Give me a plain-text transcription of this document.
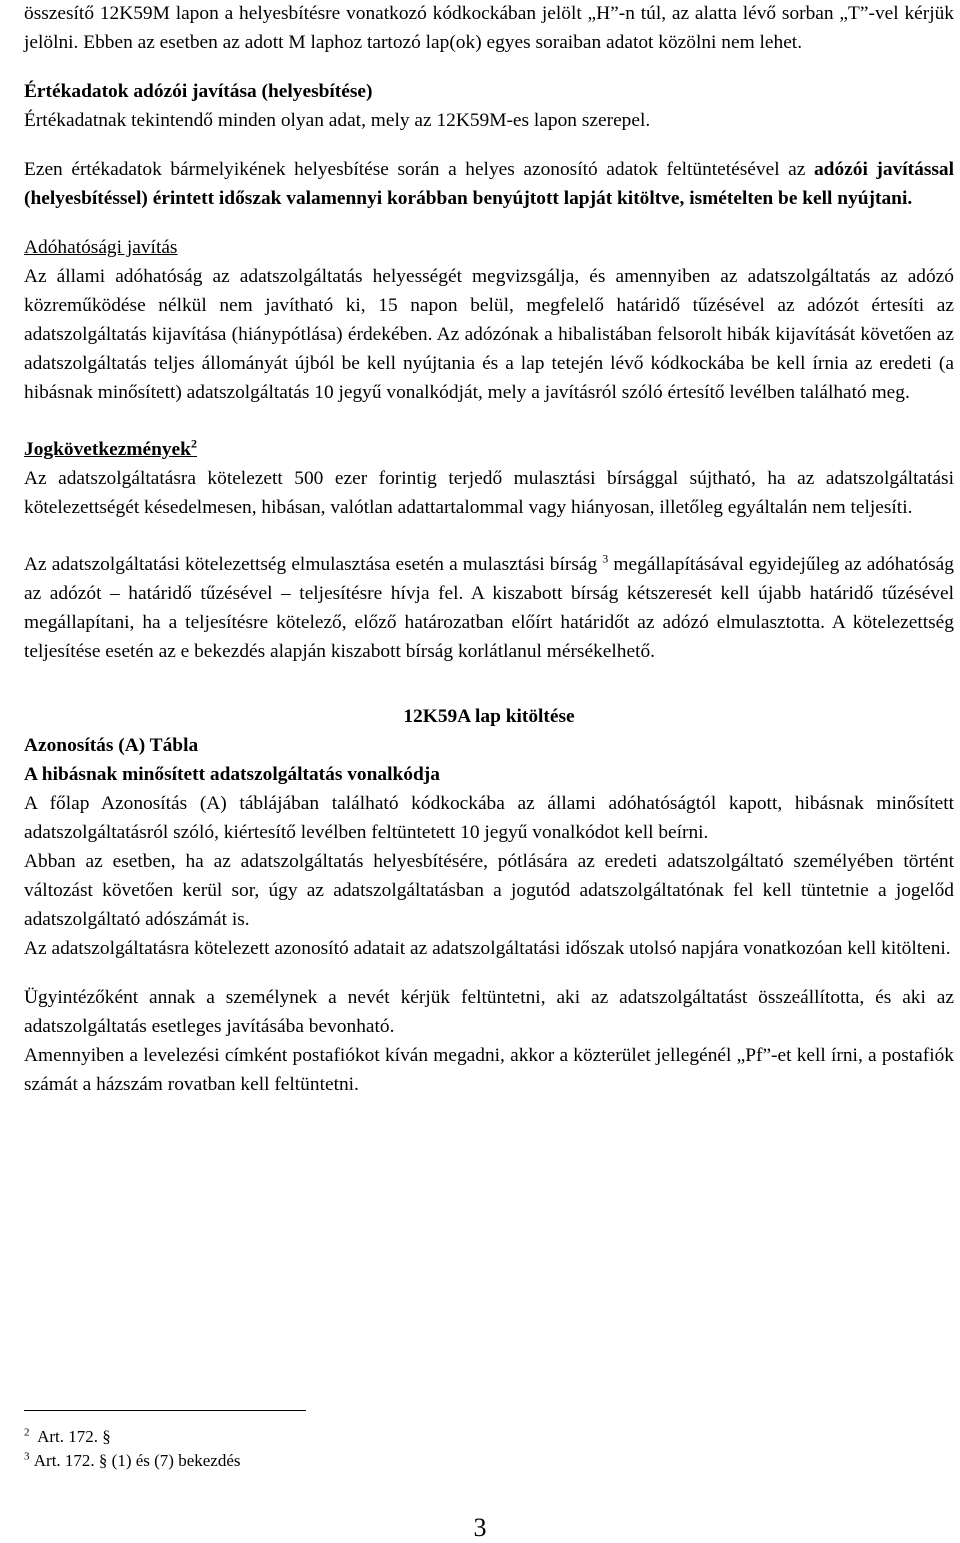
összesítő 12K59M lapon a helyesbítésre vonatkozó kódkockában jelölt „H”-n túl, az alatta lévő sorban „T”-vel kérjük jelölni. Ebben az esetben az adott M laphoz tartozó lap(ok) egyes soraiban adatot közölni nem lehet.

Értékadatok adózói javítása (helyesbítése)

Értékadatnak tekintendő minden olyan adat, mely az 12K59M-es lapon szerepel.

Ezen értékadatok bármelyikének helyesbítése során a helyes azonosító adatok feltüntetésével az adózói javítással (helyesbítéssel) érintett időszak valamennyi korábban benyújtott lapját kitöltve, ismételten be kell nyújtani.

Adóhatósági javítás

Az állami adóhatóság az adatszolgáltatás helyességét megvizsgálja, és amennyiben az adatszolgáltatás az adózó közreműködése nélkül nem javítható ki, 15 napon belül, megfelelő határidő tűzésével az adózót értesíti az adatszolgáltatás kijavítása (hiánypótlása) érdekében. Az adózónak a hibalistában felsorolt hibák kijavítását követően az adatszolgáltatás teljes állományát újból be kell nyújtania és a lap tetején lévő kódkockába be kell írnia az eredeti (a hibásnak minősített) adatszolgáltatás 10 jegyű vonalkódját, mely a javításról szóló értesítő levélben található meg.

Jogkövetkezmények$^2$

Az adatszolgáltatásra kötelezett 500 ezer forintig terjedő mulasztási bírsággal sújtható, ha az adatszolgáltatási kötelezettségét késedelmesen, hibásan, valótlan adattartalommal vagy hiányosan, illetőleg egyáltalán nem teljesíti.

Az adatszolgáltatási kötelezettség elmulasztása esetén a mulasztási bírság $^3$ megállapításával egyidejűleg az adóhatóság az adózót – határidő tűzésével – teljesítésre hívja fel. A kiszabott bírság kétszeresét kell újabb határidő tűzésével megállapítani, ha a teljesítésre kötelező, előző határozatban előírt határidőt az adózó elmulasztotta. A kötelezettség teljesítése esetén az e bekezdés alapján kiszabott bírság korlátlanul mérsékelhető.

12K59A lap kitöltése

Azonosítás (A) Tábla

A hibásnak minősített adatszolgáltatás vonalkódja

A főlap Azonosítás (A) táblájában található kódkockába az állami adóhatóságtól kapott, hibásnak minősített adatszolgáltatásról szóló, kiértesítő levélben feltüntetett 10 jegyű vonalkódot kell beírni.

Abban az esetben, ha az adatszolgáltatás helyesbítésére, pótlására az eredeti adatszolgáltató személyében történt változást követően kerül sor, úgy az adatszolgáltatásban a jogutód adatszolgáltatónak fel kell tüntetnie a jogelőd adatszolgáltató adószámát is.

Az adatszolgáltatásra kötelezett azonosító adatait az adatszolgáltatási időszak utolsó napjára vonatkozóan kell kitölteni.

Ügyintézőként annak a személynek a nevét kérjük feltüntetni, aki az adatszolgáltatást összeállította, és aki az adatszolgáltatás esetleges javításába bevonható.

Amennyiben a levelezési címként postafiókot kíván megadni, akkor a közterület jellegénél „Pf”-et kell írni, a postafiók számát a házszám rovatban kell feltüntetni.

$^2$ Art. 172. §
$^3$ Art. 172. § (1) és (7) bekezdés
3
